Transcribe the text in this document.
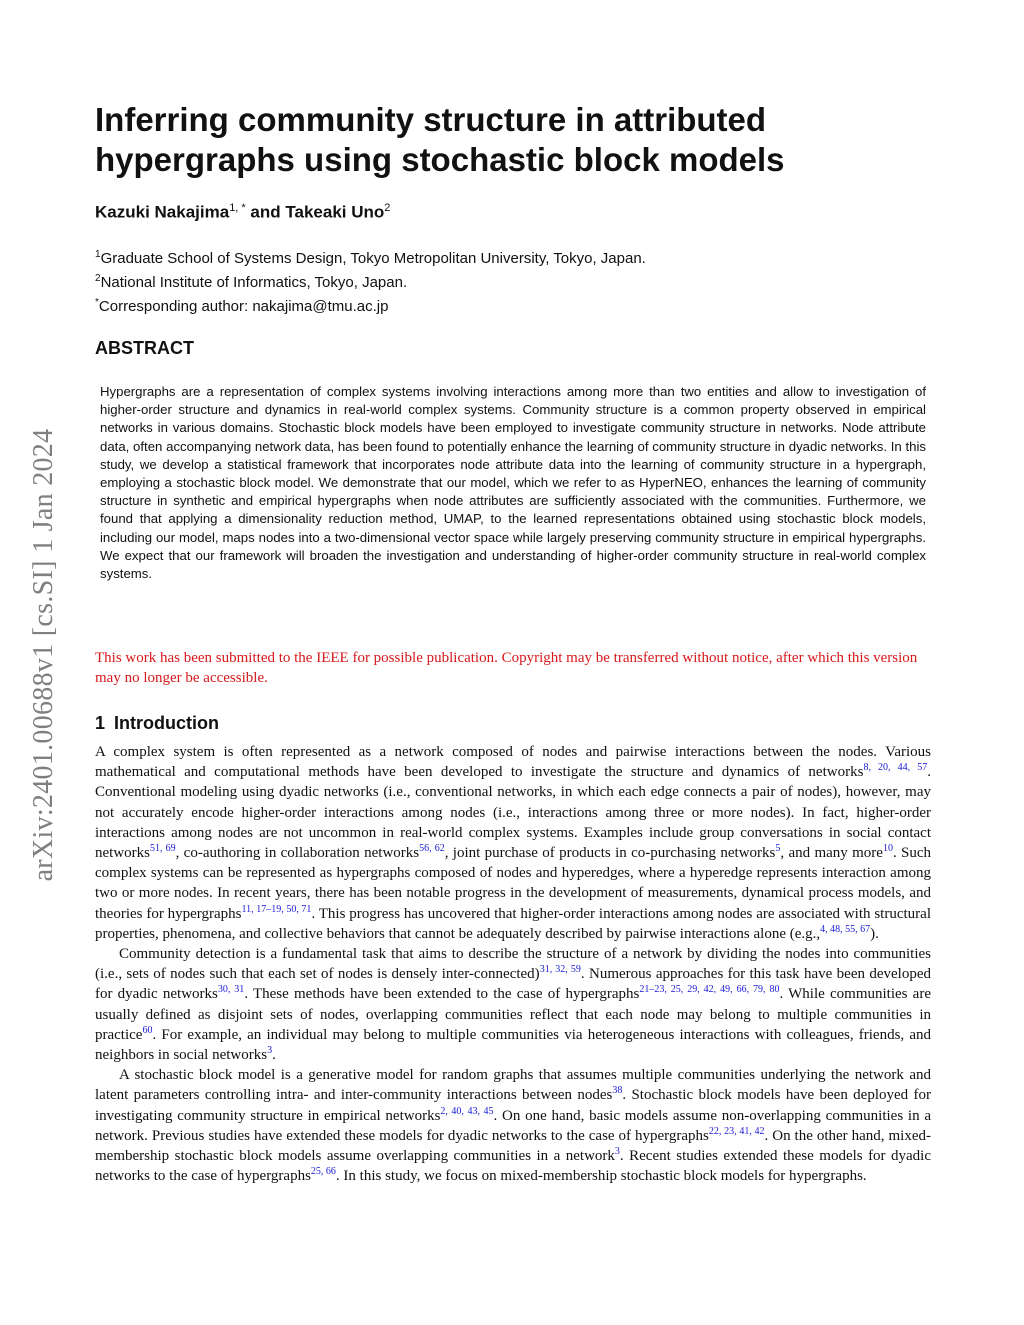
arXiv:2401.00688v1 [cs.SI] 1 Jan 2024
Inferring community structure in attributed hypergraphs using stochastic block models
Kazuki Nakajima$^{1, *}$ and Takeaki Uno$^2$
$^1$Graduate School of Systems Design, Tokyo Metropolitan University, Tokyo, Japan.
$^2$National Institute of Informatics, Tokyo, Japan.
*Corresponding author: nakajima@tmu.ac.jp
ABSTRACT

Hypergraphs are a representation of complex systems involving interactions among more than two entities and allow to investigation of higher-order structure and dynamics in real-world complex systems. Community structure is a common property observed in empirical networks in various domains. Stochastic block models have been employed to investigate community structure in networks. Node attribute data, often accompanying network data, has been found to potentially enhance the learning of community structure in dyadic networks. In this study, we develop a statistical framework that incorporates node attribute data into the learning of community structure in a hypergraph, employing a stochastic block model. We demonstrate that our model, which we refer to as HyperNEO, enhances the learning of community structure in synthetic and empirical hypergraphs when node attributes are sufficiently associated with the communities. Furthermore, we found that applying a dimensionality reduction method, UMAP, to the learned representations obtained using stochastic block models, including our model, maps nodes into a two-dimensional vector space while largely preserving community structure in empirical hypergraphs. We expect that our framework will broaden the investigation and understanding of higher-order community structure in real-world complex systems.

This work has been submitted to the IEEE for possible publication. Copyright may be transferred without notice, after which this version may no longer be accessible.

1 Introduction

A complex system is often represented as a network composed of nodes and pairwise interactions between the nodes. Various mathematical and computational methods have been developed to investigate the structure and dynamics of networks$^{8, 20, 44, 57}$. Conventional modeling using dyadic networks (i.e., conventional networks, in which each edge connects a pair of nodes), however, may not accurately encode higher-order interactions among nodes (i.e., interactions among three or more nodes). In fact, higher-order interactions among nodes are not uncommon in real-world complex systems. Examples include group conversations in social contact networks$^{51, 69}$, co-authoring in collaboration networks$^{56, 62}$, joint purchase of products in co-purchasing networks$^5$, and many more$^{10}$. Such complex systems can be represented as hypergraphs composed of nodes and hyperedges, where a hyperedge represents interaction among two or more nodes. In recent years, there has been notable progress in the development of measurements, dynamical process models, and theories for hypergraphs$^{11, 17-19, 50, 71}$. This progress has uncovered that higher-order interactions among nodes are associated with structural properties, phenomena, and collective behaviors that cannot be adequately described by pairwise interactions alone (e.g.,$^{4, 48, 55, 67}$).

Community detection is a fundamental task that aims to describe the structure of a network by dividing the nodes into communities (i.e., sets of nodes such that each set of nodes is densely inter-connected)$^{31, 32, 59}$. Numerous approaches for this task have been developed for dyadic networks$^{30, 31}$. These methods have been extended to the case of hypergraphs$^{21-23, 25, 29, 42, 49, 66, 79, 80}$. While communities are usually defined as disjoint sets of nodes, overlapping communities reflect that each node may belong to multiple communities in practice$^{60}$. For example, an individual may belong to multiple communities via heterogeneous interactions with colleagues, friends, and neighbors in social networks$^3$.

A stochastic block model is a generative model for random graphs that assumes multiple communities underlying the network and latent parameters controlling intra- and inter-community interactions between nodes$^{38}$. Stochastic block models have been deployed for investigating community structure in empirical networks$^{2, 40, 43, 45}$. On one hand, basic models assume non-overlapping communities in a network. Previous studies have extended these models for dyadic networks to the case of hypergraphs$^{22, 23, 41, 42}$. On the other hand, mixed-membership stochastic block models assume overlapping communities in a network$^3$. Recent studies extended these models for dyadic networks to the case of hypergraphs$^{25, 66}$. In this study, we focus on mixed-membership stochastic block models for hypergraphs.
